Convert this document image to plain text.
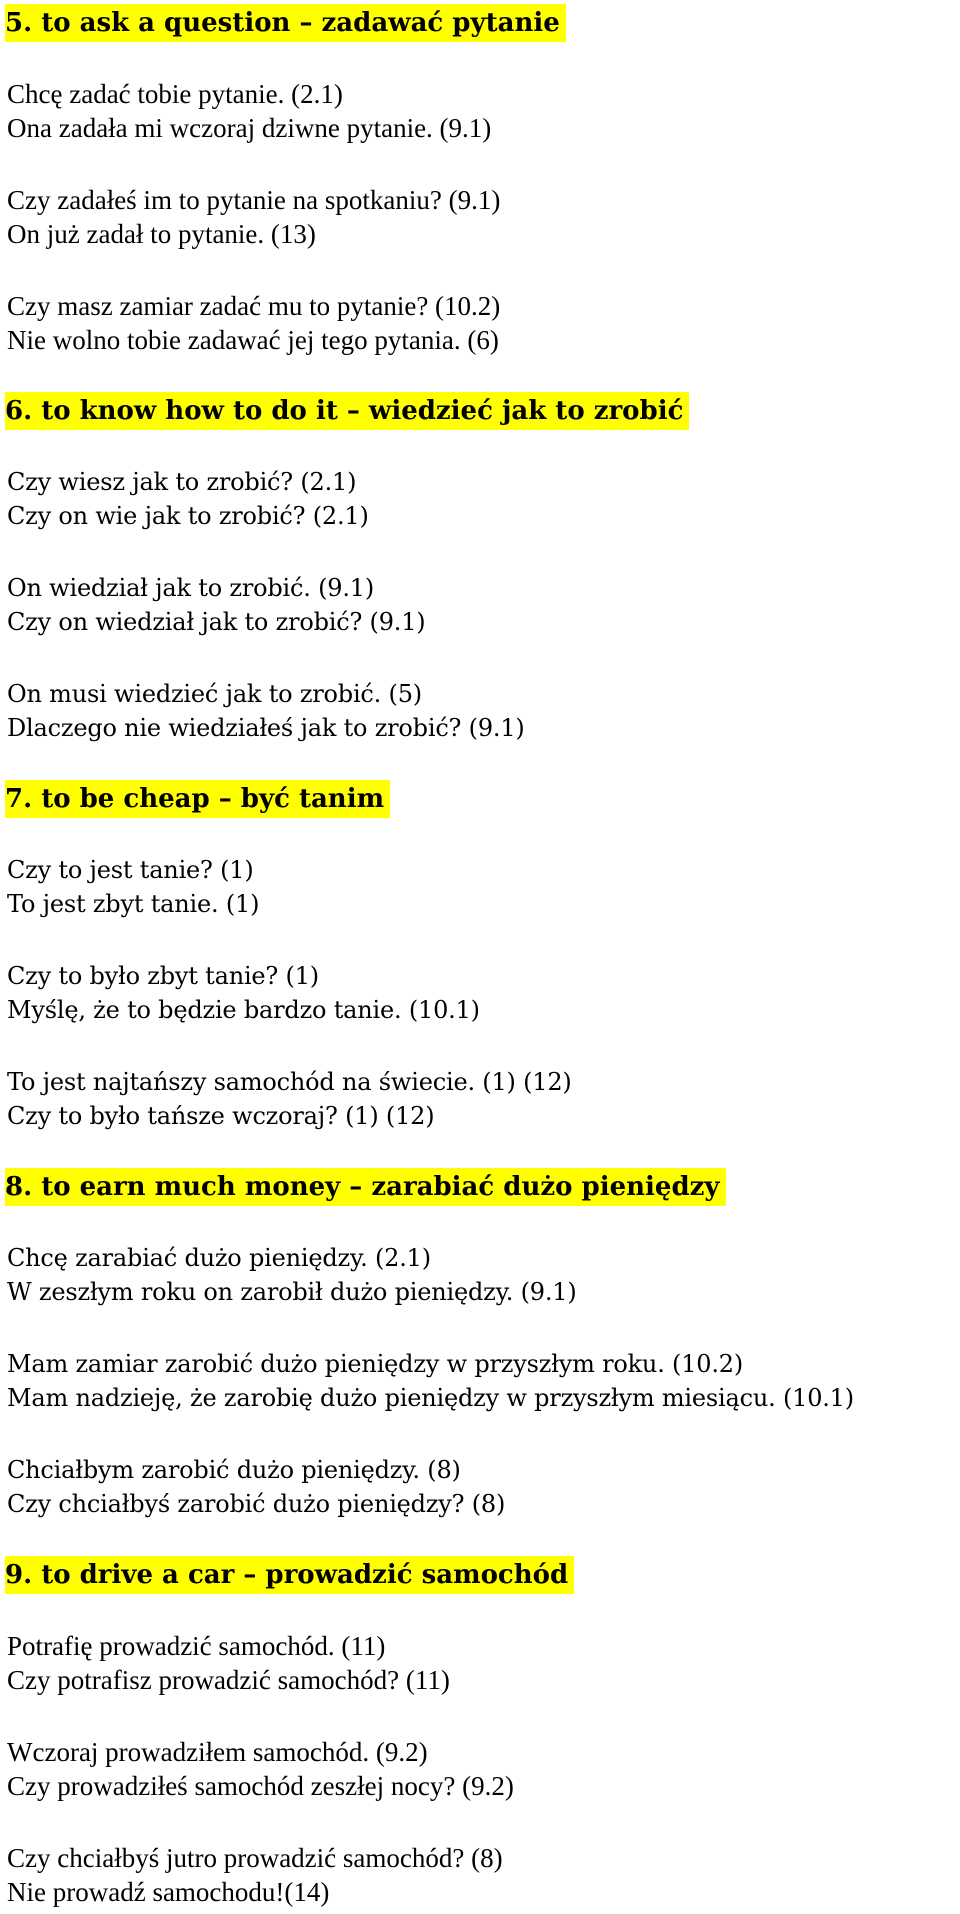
5. to ask a question – zadawać pytanie
Chcę zadać tobie pytanie. (2.1)
Ona zadała mi wczoraj dziwne pytanie. (9.1)
Czy zadałeś im to pytanie na spotkaniu? (9.1)
On już zadał to pytanie. (13)
Czy masz zamiar zadać mu to pytanie? (10.2)
Nie wolno tobie zadawać jej tego pytania. (6)
6. to know how to do it – wiedzieć jak to zrobić
Czy wiesz jak to zrobić? (2.1)
Czy on wie jak to zrobić? (2.1)
On wiedział jak to zrobić. (9.1)
Czy on wiedział jak to zrobić? (9.1)
On musi wiedzieć jak to zrobić. (5)
Dlaczego nie wiedziałeś jak to zrobić? (9.1)
7. to be cheap – być tanim
Czy to jest tanie? (1)
To jest zbyt tanie. (1)
Czy to było zbyt tanie? (1)
Myślę, że to będzie bardzo tanie. (10.1)
To jest najtańszy samochód na świecie. (1) (12)
Czy to było tańsze wczoraj? (1) (12)
8. to earn much money – zarabiać dużo pieniędzy
Chcę zarabiać dużo pieniędzy. (2.1)
W zeszłym roku on zarobił dużo pieniędzy. (9.1)
Mam zamiar zarobić dużo pieniędzy w przyszłym roku. (10.2)
Mam nadzieję, że zarobię dużo pieniędzy w przyszłym miesiącu. (10.1)
Chciałbym zarobić dużo pieniędzy. (8)
Czy chciałbyś zarobić dużo pieniędzy? (8)
9. to drive a car – prowadzić samochód
Potrafię prowadzić samochód. (11)
Czy potrafisz prowadzić samochód? (11)
Wczoraj prowadziłem samochód. (9.2)
Czy prowadziłeś samochód zeszłej nocy? (9.2)
Czy chciałbyś jutro prowadzić samochód? (8)
Nie prowadź samochodu!(14)
